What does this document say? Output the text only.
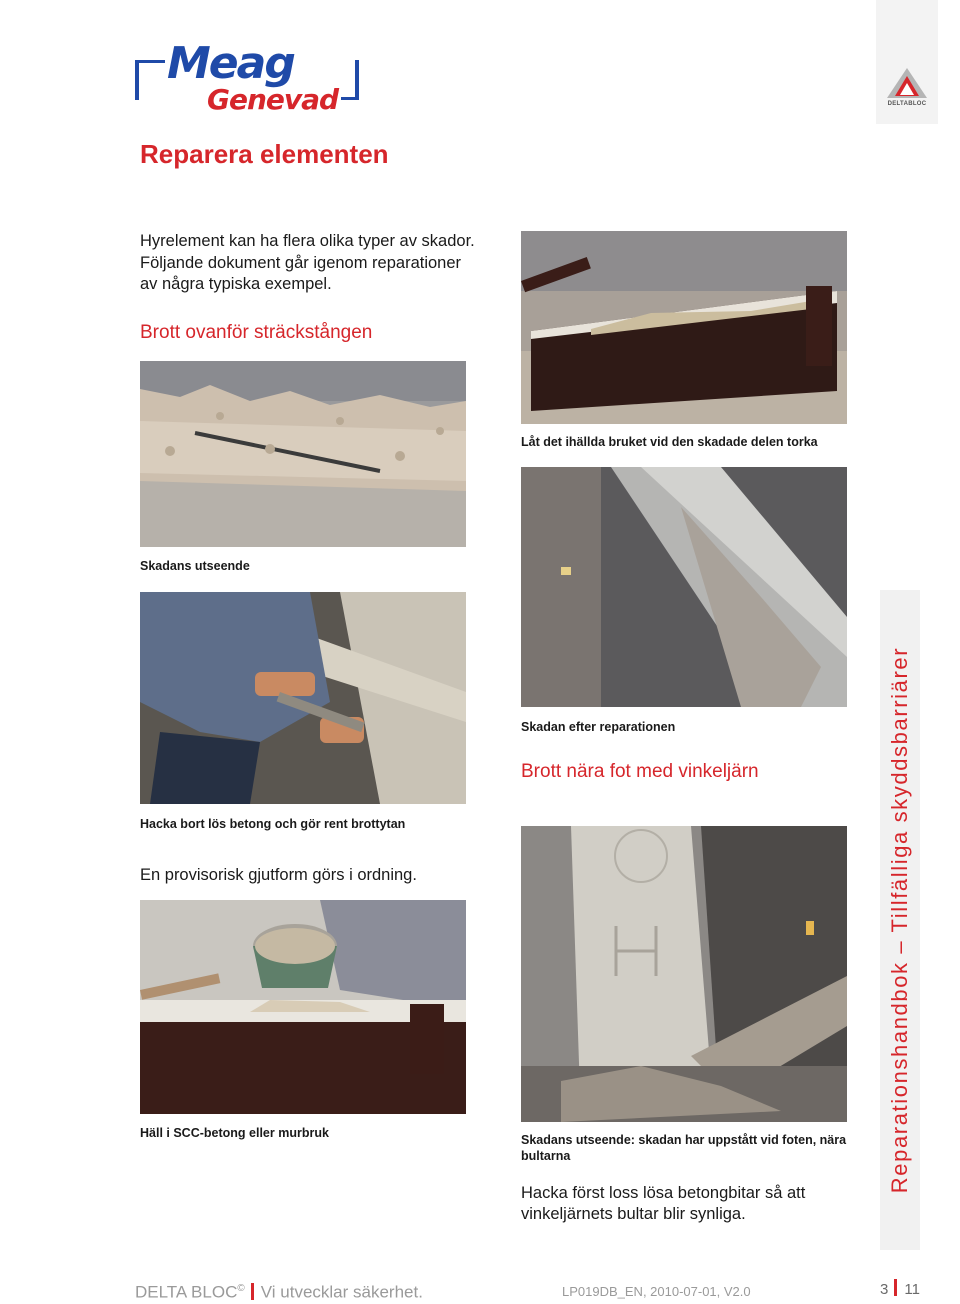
Meag
Genevad	DELTABLOC
Reparera elementen

Hyrelement kan ha flera olika typer av skador. Följande dokument går igenom reparationer av några typiska exempel.

Brott ovanför sträckstången

Skadans utseende

Hacka bort lös betong och gör rent brottytan

En provisorisk gjutform görs i ordning.

Häll i SCC-betong eller murbruk

Låt det ihällda bruket vid den skadade delen torka

Skadan efter reparationen

Brott nära fot med vinkeljärn

Skadans utseende: skadan har uppstått vid foten, nära bultarna

Hacka först loss lösa betongbitar så att vinkeljärnets bultar blir synliga.

Reparationshandbok – Tillfälliga skyddsbarriärer
DELTA BLOC© Vi utvecklar säkerhet.	LP019DB_EN, 2010-07-01, V2.0	3 11
